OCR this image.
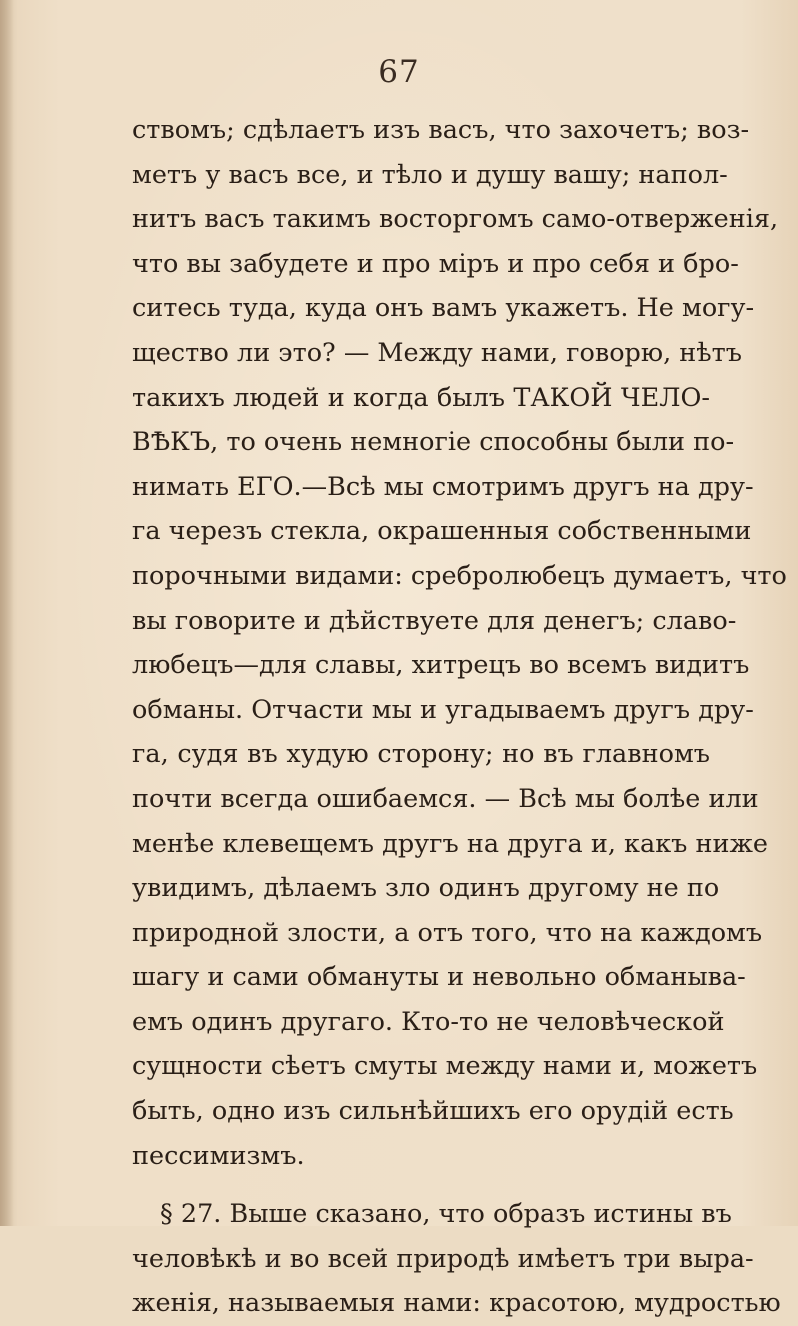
67
ствомъ; сдѣлаетъ изъ васъ, что захочетъ; воз-
метъ у васъ все, и тѣло и душу вашу; напол-
нитъ васъ такимъ восторгомъ само-отверженія,
что вы забудете и про міръ и про себя и бро-
ситесь туда, куда онъ вамъ укажетъ. Не могу-
щество ли это? — Между нами, говорю, нѣтъ
такихъ людей и когда былъ ТАКОЙ ЧЕЛО-
ВѢКЪ, то очень немногіе способны были по-
нимать ЕГО.—Всѣ мы смотримъ другъ на дру-
га черезъ стекла, окрашенныя собственными
порочными видами: сребролюбецъ думаетъ, что
вы говорите и дѣйствуете для денегъ; славо-
любецъ—для славы, хитрецъ во всемъ видитъ
обманы. Отчасти мы и угадываемъ другъ дру-
га, судя въ худую сторону; но въ главномъ
почти всегда ошибаемся. — Всѣ мы болѣе или
менѣе клевещемъ другъ на друга и, какъ ниже
увидимъ, дѣлаемъ зло одинъ другому не по
природной злости, а отъ того, что на каждомъ
шагу и сами обмануты и невольно обманыва-
емъ одинъ другаго. Кто-то не человѣческой
сущности сѣетъ смуты между нами и, можетъ
быть, одно изъ сильнѣйшихъ его орудій есть
пессимизмъ.
§ 27. Выше сказано, что образъ истины въ
человѣкѣ и во всей природѣ имѣетъ три выра-
женія, называемыя нами: красотою, мудростью
